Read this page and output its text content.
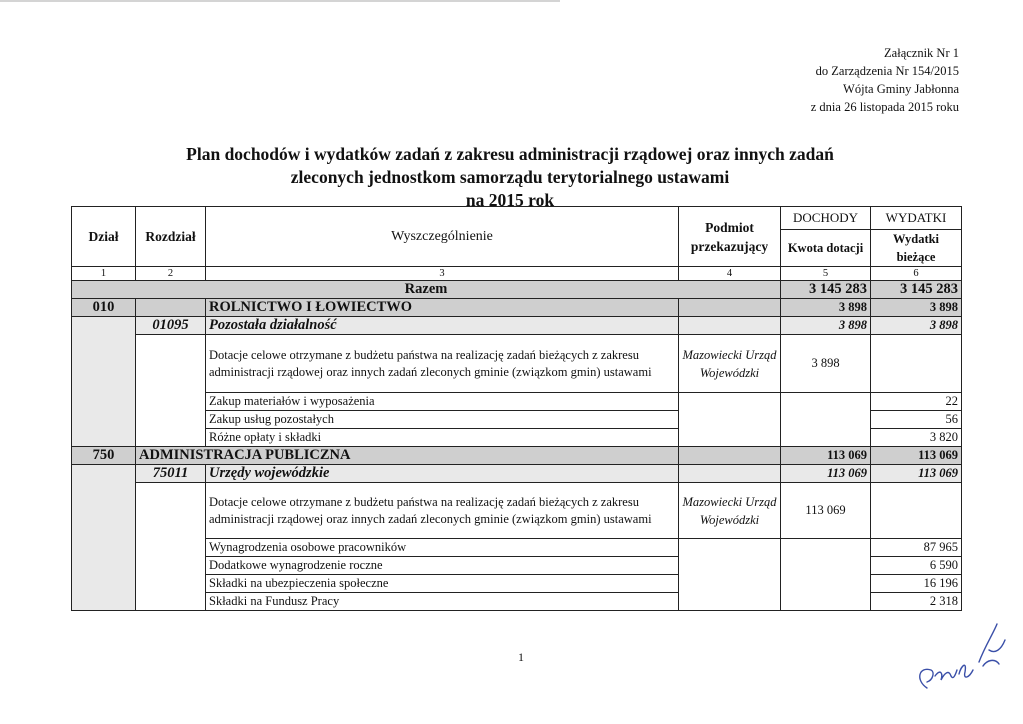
Załącznik Nr 1
do Zarządzenia Nr 154/2015
Wójta Gminy Jabłonna
z dnia 26 listopada 2015 roku
Plan dochodów i wydatków zadań z zakresu administracji rządowej oraz innych zadań
zleconych jednostkom samorządu terytorialnego ustawami
na 2015 rok
Dział	Rozdział	Wyszczególnienie	Podmiot przekazujący	DOCHODY	WYDATKI
				Kwota dotacji	Wydatki bieżące
1	2	3	4	5	6
Razem				3 145 283	3 145 283
010		ROLNICTWO I ŁOWIECTWO		3 898	3 898
	01095	Pozostała działalność		3 898	3 898
		Dotacje celowe otrzymane z budżetu państwa na realizację zadań bieżących z zakresu administracji rządowej oraz innych zadań zleconych gminie (związkom gmin) ustawami	Mazowiecki Urząd Wojewódzki	3 898	
		Zakup materiałów i wyposażenia			22
		Zakup usług pozostałych			56
		Różne opłaty i składki			3 820
750	ADMINISTRACJA PUBLICZNA			113 069	113 069
	75011	Urzędy wojewódzkie		113 069	113 069
		Dotacje celowe otrzymane z budżetu państwa na realizację zadań bieżących z zakresu administracji rządowej oraz innych zadań zleconych gminie (związkom gmin) ustawami	Mazowiecki Urząd Wojewódzki	113 069	
		Wynagrodzenia osobowe pracowników			87 965
		Dodatkowe wynagrodzenie roczne			6 590
		Składki na ubezpieczenia społeczne			16 196
		Składki na Fundusz Pracy			2 318
1
